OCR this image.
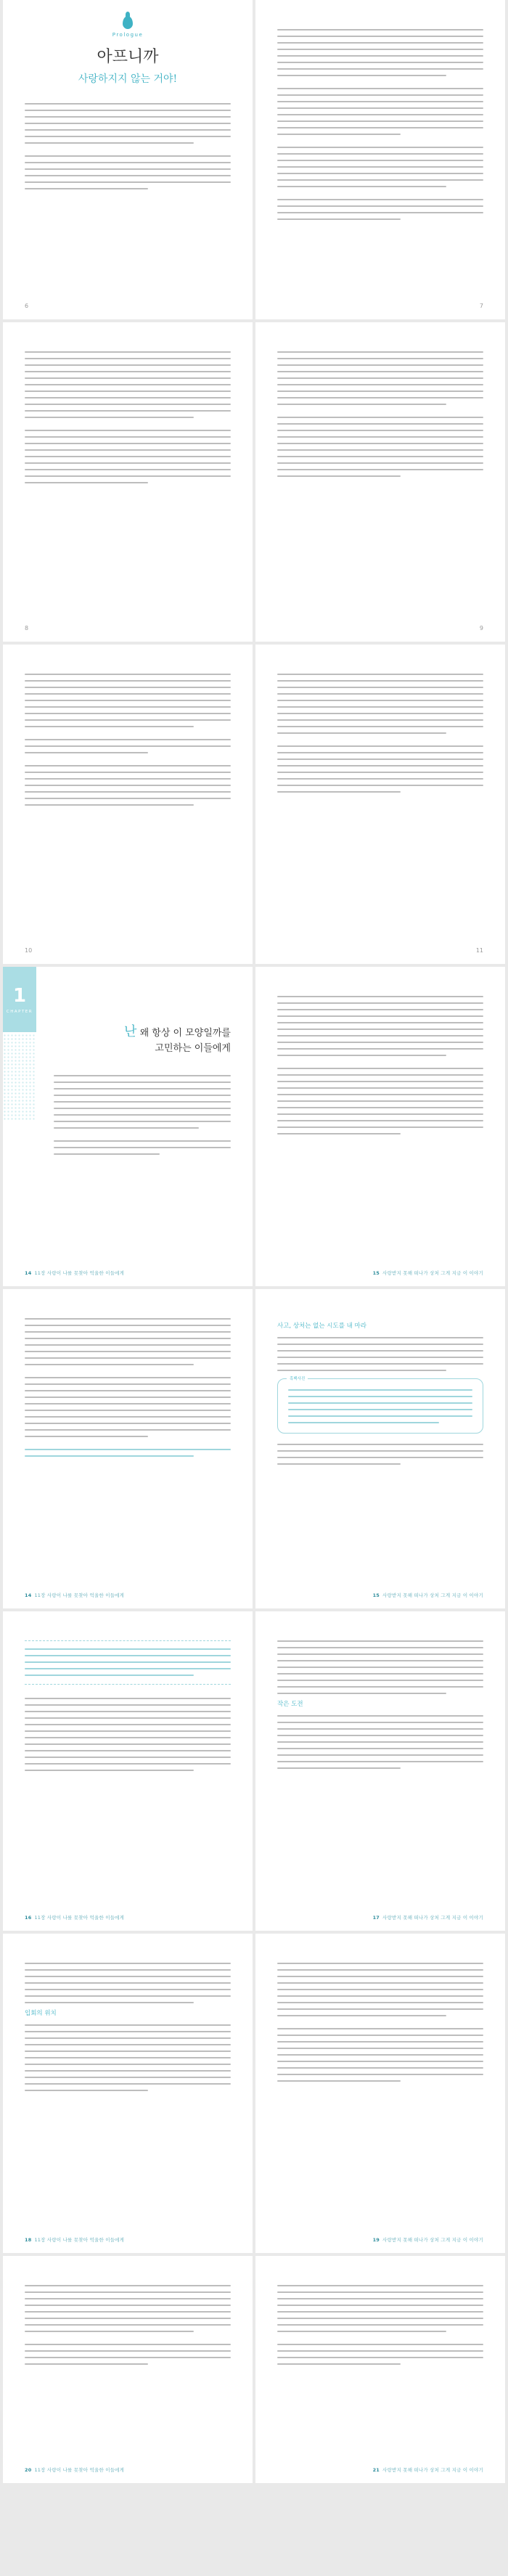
Prologue
아프니까
사랑하지지 않는 거야!
6	7
8	9
10	11
1
CHAPTER
난 왜 항상 이 모양일까를
고민하는 이들에게
14 11장 사랑이 나를 못찾아 억울한 이들에게	15 사랑받지 못해 떠나가 상처 그게 지금 이 이야기
14 11장 사랑이 나를 못찾아 억울한 이들에게
사고, 상처는 없는 시도를 내 마라
흑백사진
15 사랑받지 못해 떠나가 상처 그게 지금 이 이야기
16 11장 사랑이 나를 못찾아 억울한 이들에게
작은 도전
17 사랑받지 못해 떠나가 상처 그게 지금 이 이야기
입회의 위치
18 11장 사랑이 나를 못찾아 억울한 이들에게	19 사랑받지 못해 떠나가 상처 그게 지금 이 이야기
20 11장 사랑이 나를 못찾아 억울한 이들에게	21 사랑받지 못해 떠나가 상처 그게 지금 이 이야기
